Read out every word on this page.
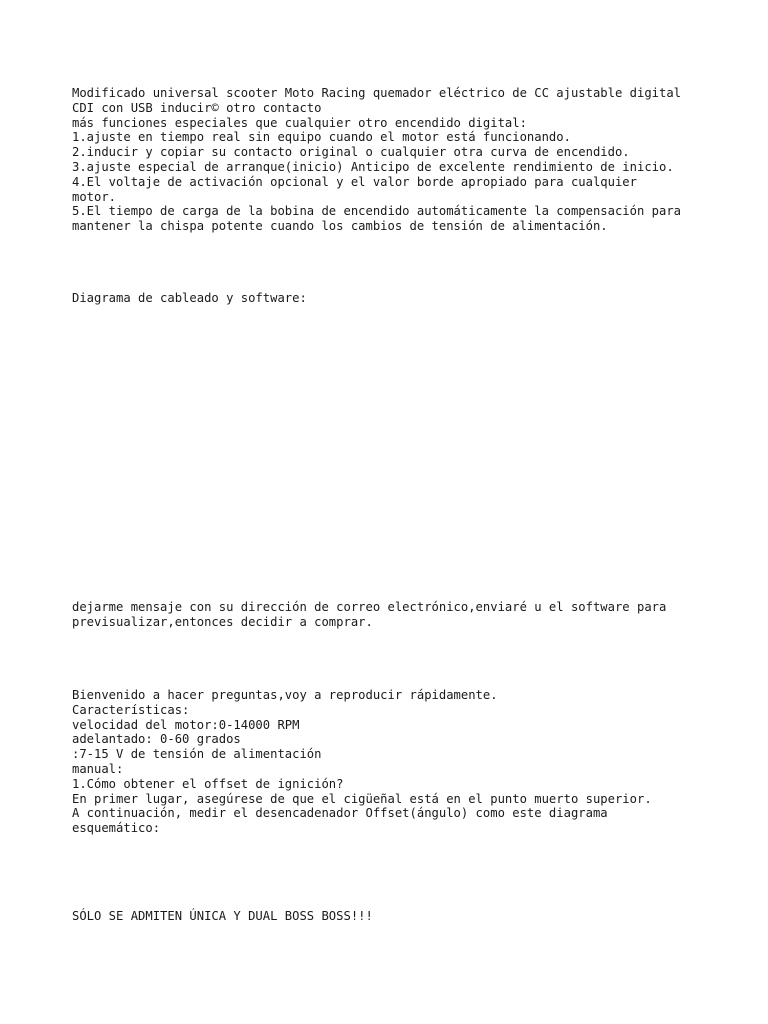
Modificado universal scooter Moto Racing quemador eléctrico de CC ajustable digital
CDI con USB inducir© otro contacto
más funciones especiales que cualquier otro encendido digital:
1.ajuste en tiempo real sin equipo cuando el motor está funcionando.
2.inducir y copiar su contacto original o cualquier otra curva de encendido.
3.ajuste especial de arranque(inicio) Anticipo de excelente rendimiento de inicio.
4.El voltaje de activación opcional y el valor borde apropiado para cualquier
motor.
5.El tiempo de carga de la bobina de encendido automáticamente la compensación para
mantener la chispa potente cuando los cambios de tensión de alimentación.
Diagrama de cableado y software:
dejarme mensaje con su dirección de correo electrónico,enviaré u el software para
previsualizar,entonces decidir a comprar.
Bienvenido a hacer preguntas,voy a reproducir rápidamente.
Características:
velocidad del motor:0-14000 RPM
adelantado: 0-60 grados
:7-15 V de tensión de alimentación
manual:
1.Cómo obtener el offset de ignición?
En primer lugar, asegúrese de que el cigüeñal está en el punto muerto superior.
A continuación, medir el desencadenador Offset(ángulo) como este diagrama
esquemático:
SÓLO SE ADMITEN ÚNICA Y DUAL BOSS BOSS!!!
